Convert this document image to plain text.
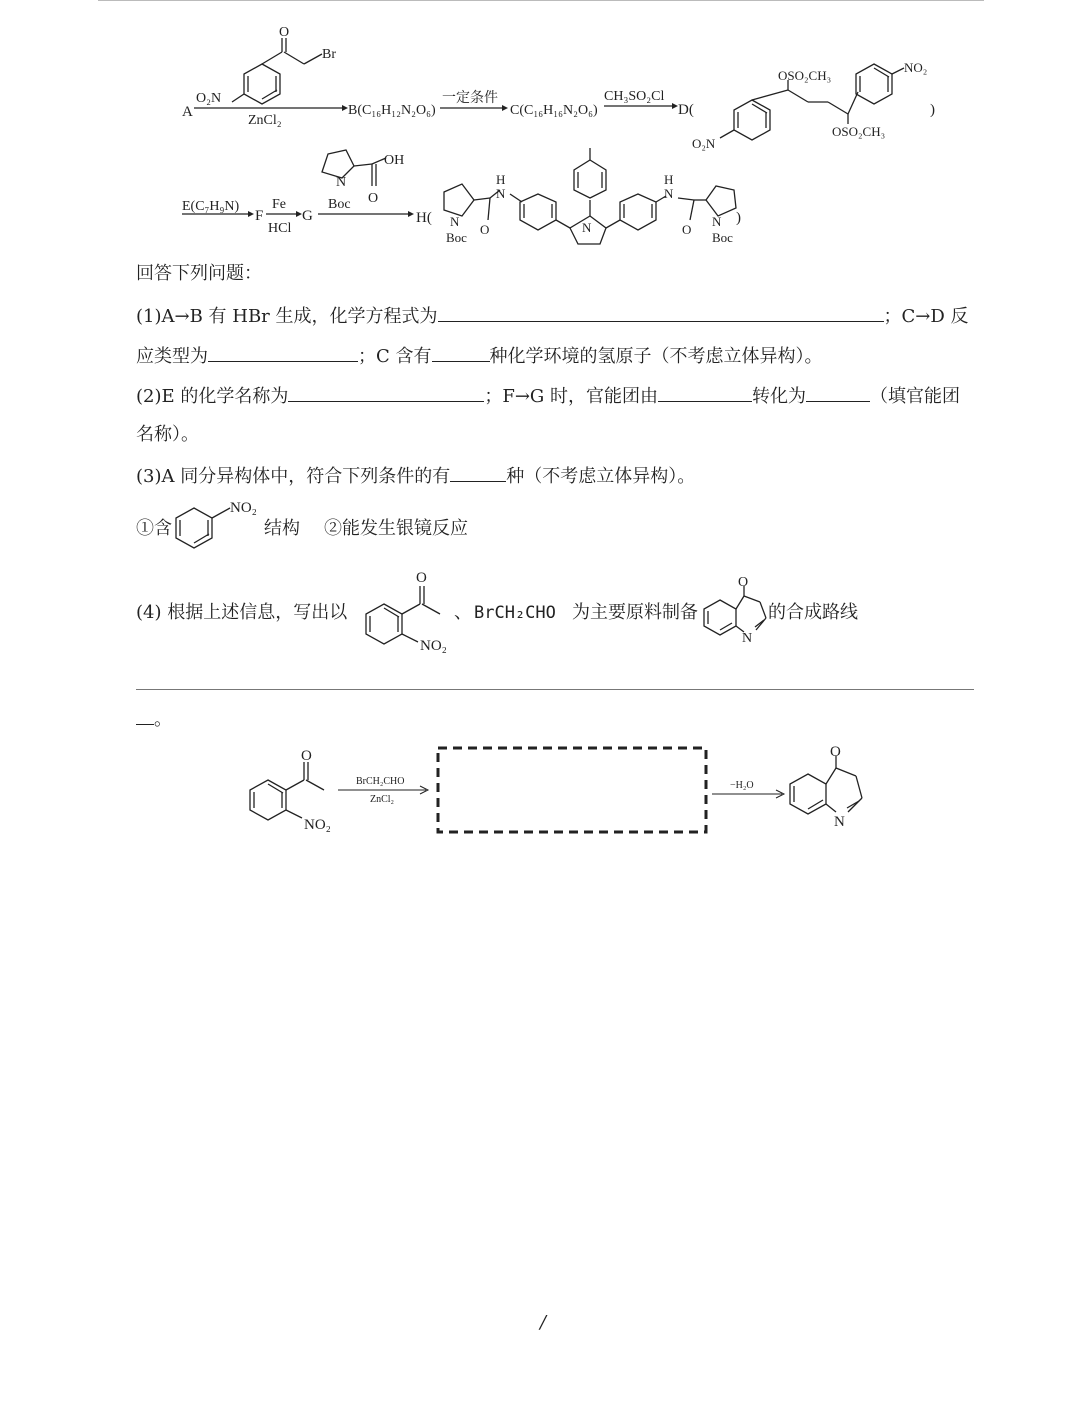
A
O
Br
O₂N
ZnCl₂
B(C₁₆H₁₂N₂O₆)
一定条件
C(C₁₆H₁₆N₂O₆)
CH₃SO₂Cl
D(
OSO₂CH₃
OSO₂CH₃
NO₂
O₂N
)
E(C₇H₉N)
F
Fe
HCl
G
OH
O
N
Boc
H( N
Boc
O
H
N
N
H
N
O
N
Boc
)
回答下列问题：
(1)A→B 有 HBr 生成，化学方程式为	；C→D 反
应类型为	；C 含有	种化学环境的氢原子（不考虑立体异构）。
(2)E 的化学名称为	；F→G 时，官能团由	转化为	（填官能团
名称）。
(3)A 同分异构体中，符合下列条件的有	种（不考虑立体异构）。
①含
NO₂
结构 ②能发生银镜反应
(4) 根据上述信息，写出以
O
NO₂
、 BrCH₂CHO 为主要原料制备
O
N
的合成路线
。
O
NO₂
BrCH₂CHO
ZnCl₂
−H₂O
O
N
/
